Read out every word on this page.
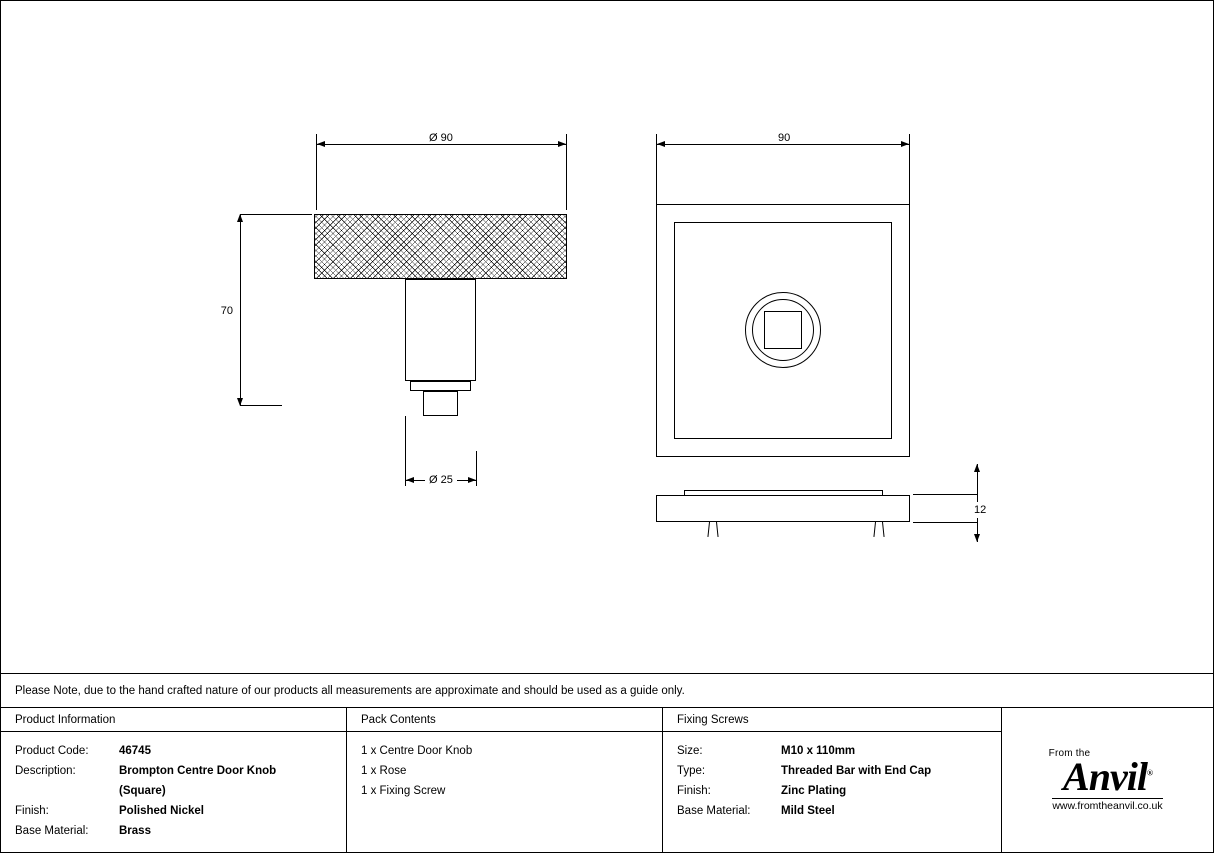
Ø 90
70
Ø 25
90
12
Please Note, due to the hand crafted nature of our products all measurements are approximate and should be used as a guide only.
Product Information
Product Code:	46745
Description:	Brompton Centre Door Knob
(Square)
Finish:	Polished Nickel
Base Material:	Brass
Pack Contents
1 x Centre Door Knob
1 x Rose
1 x Fixing Screw
Fixing Screws
Size:	M10 x 110mm
Type:	Threaded Bar with End Cap
Finish:	Zinc Plating
Base Material:	Mild Steel
From the
Anvil®
www.fromtheanvil.co.uk
